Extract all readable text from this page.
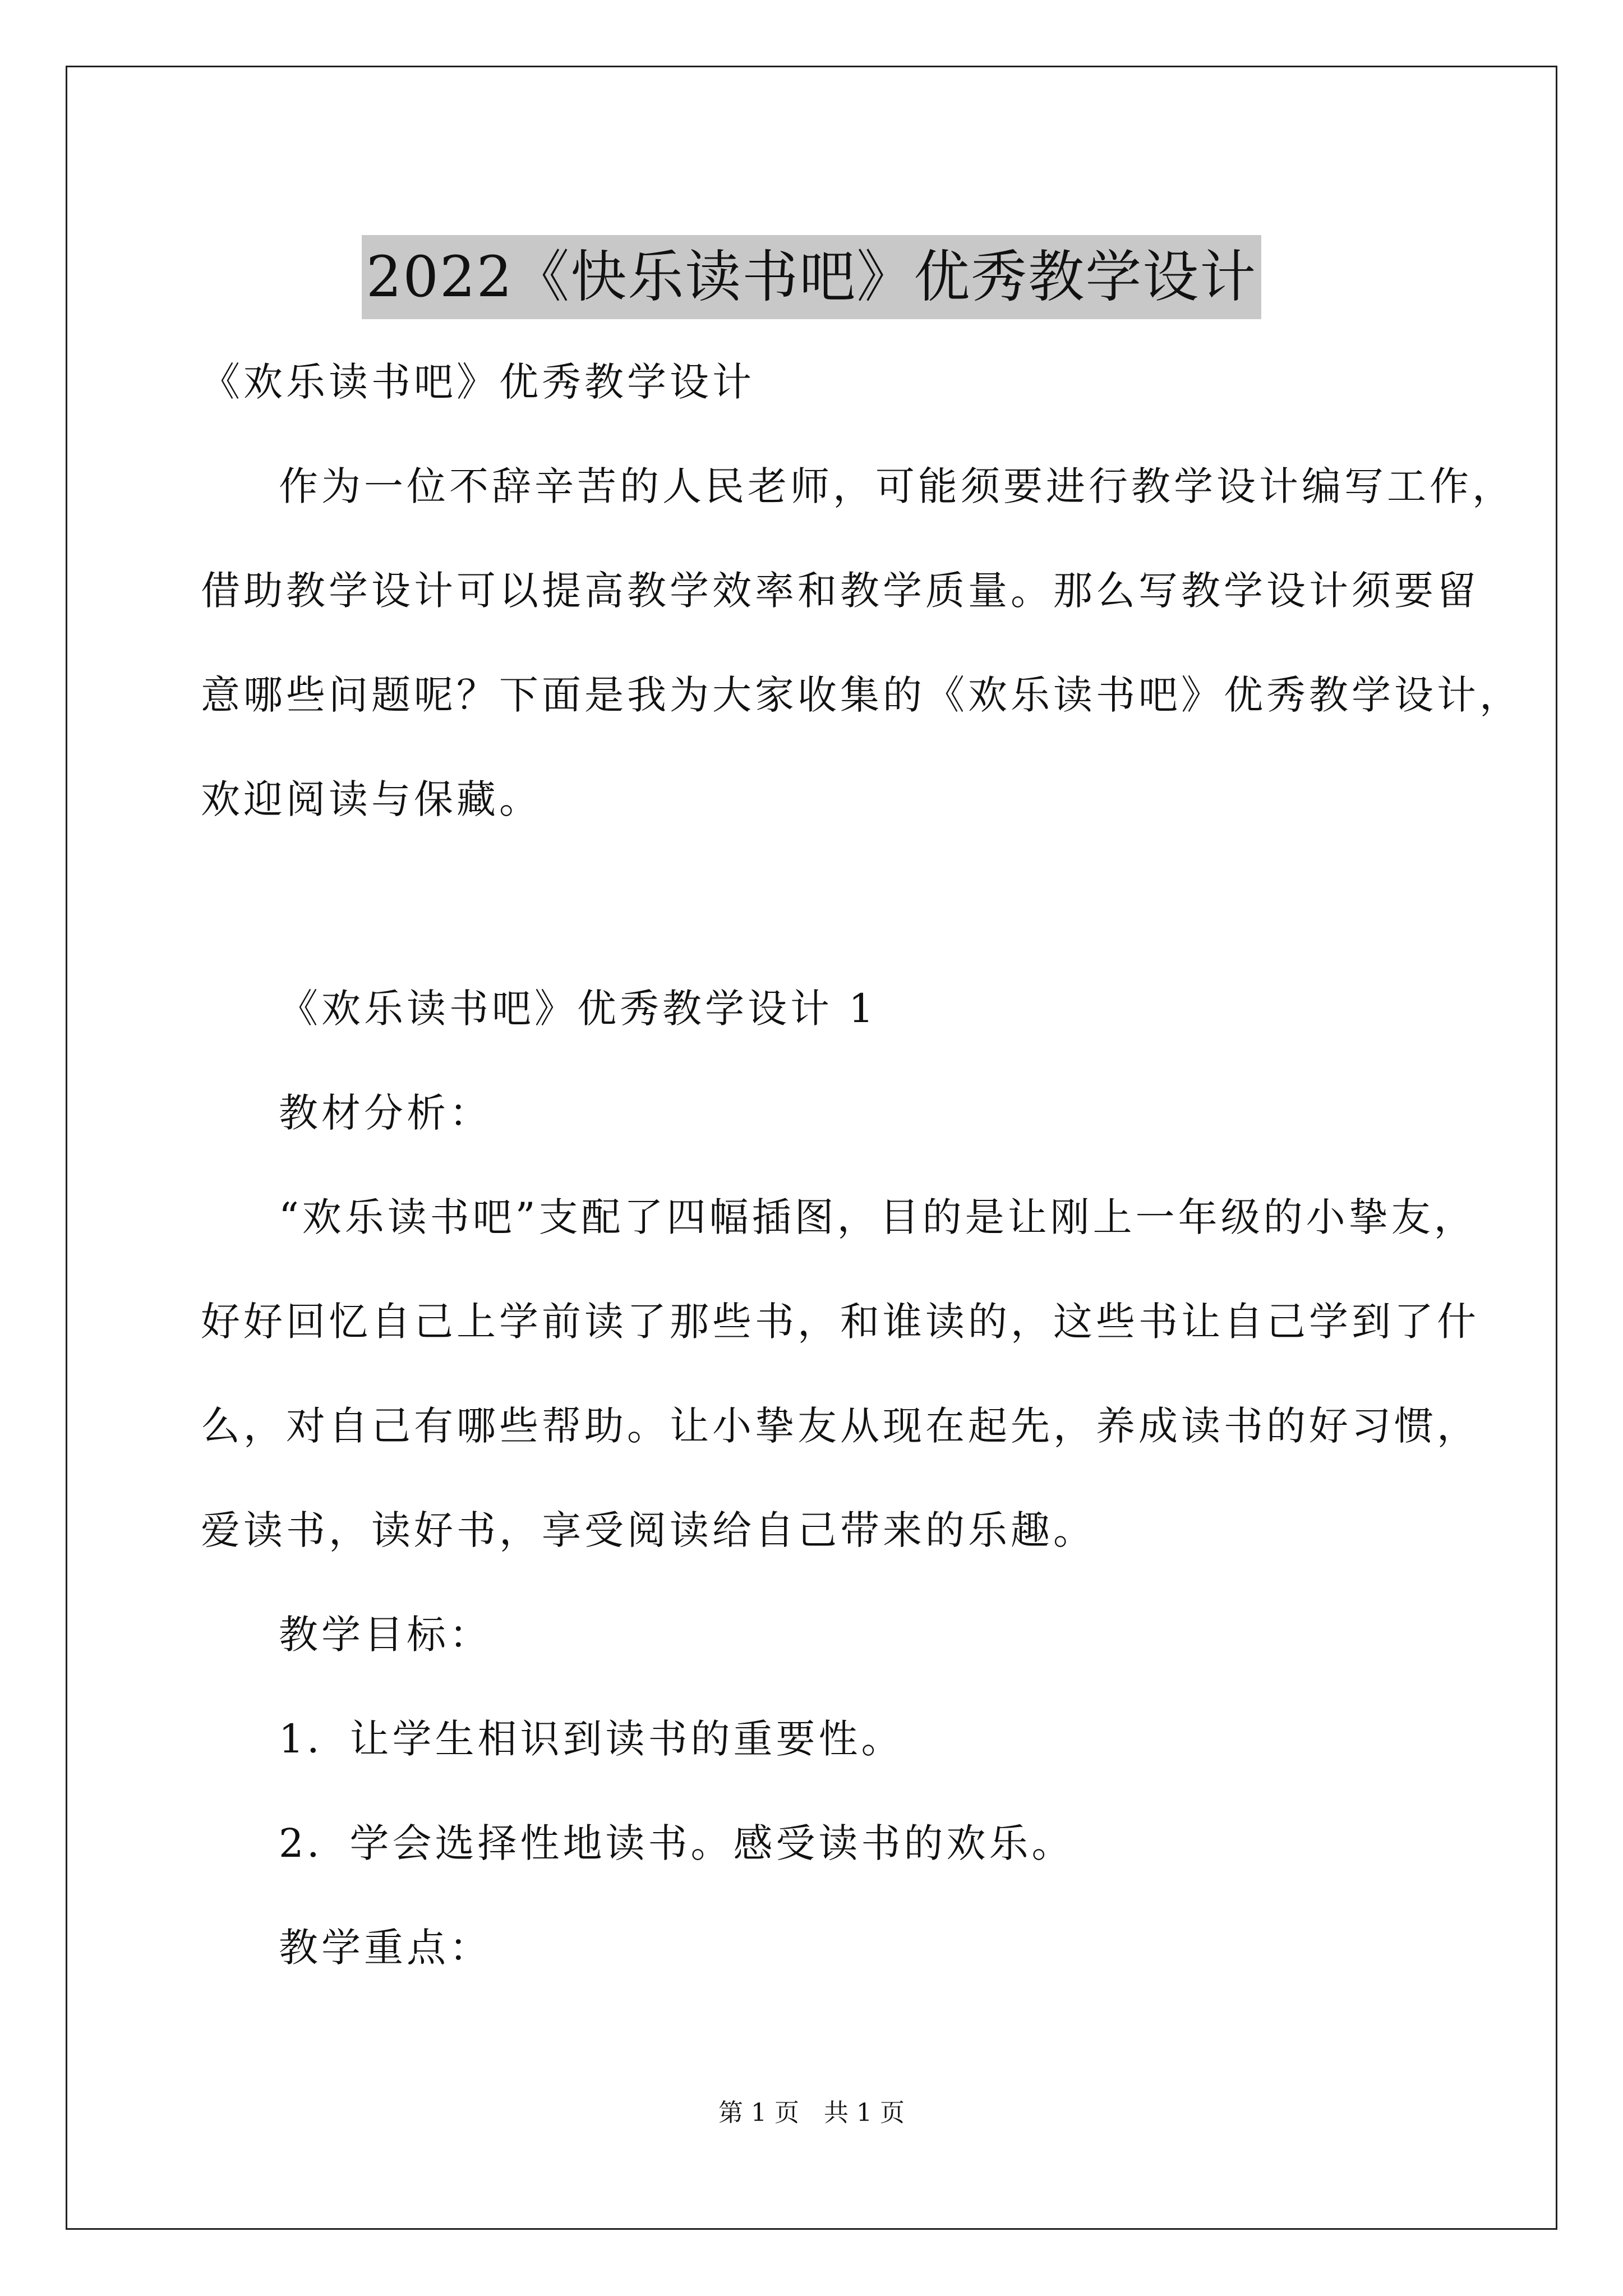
2022《快乐读书吧》优秀教学设计
《欢乐读书吧》优秀教学设计
作为一位不辞辛苦的人民老师，可能须要进行教学设计编写工作，
借助教学设计可以提高教学效率和教学质量。那么写教学设计须要留
意哪些问题呢？下面是我为大家收集的《欢乐读书吧》优秀教学设计，
欢迎阅读与保藏。
《欢乐读书吧》优秀教学设计 1
教材分析：
“欢乐读书吧”支配了四幅插图，目的是让刚上一年级的小挚友，
好好回忆自己上学前读了那些书，和谁读的，这些书让自己学到了什
么，对自己有哪些帮助。让小挚友从现在起先，养成读书的好习惯，
爱读书，读好书，享受阅读给自己带来的乐趣。
教学目标：
1．让学生相识到读书的重要性。
2．学会选择性地读书。感受读书的欢乐。
教学重点：
第 1 页 共 1 页
